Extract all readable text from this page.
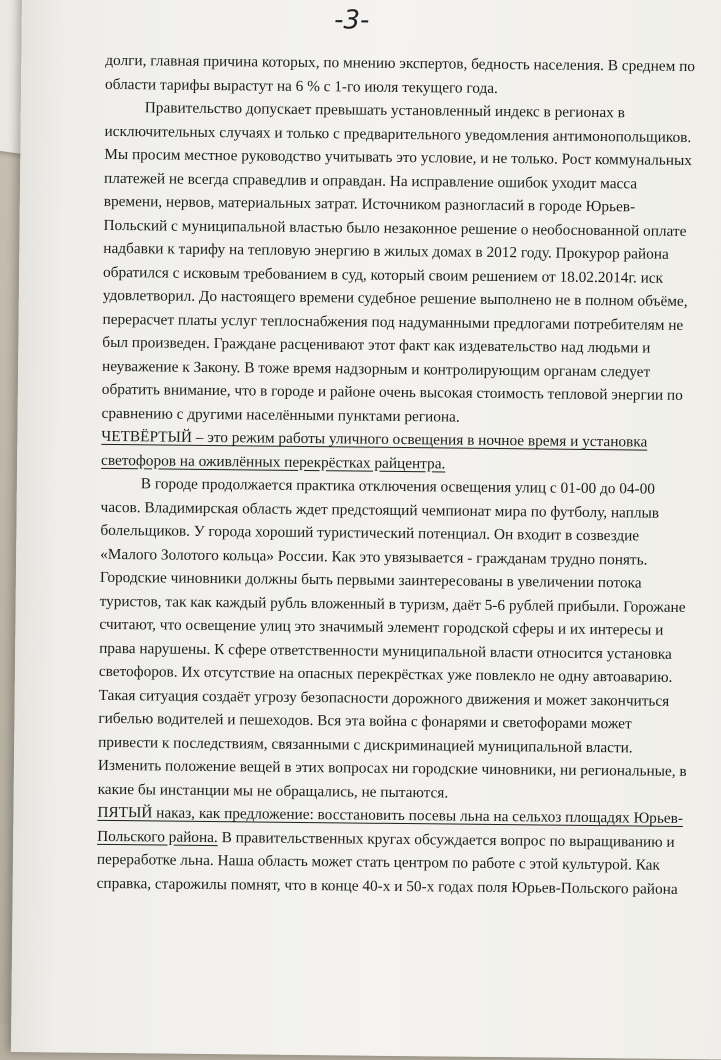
-3-
долги, главная причина которых, по мнению экспертов, бедность населения. В среднем по
области тарифы вырастут на 6 % с 1-го июля текущего года.
Правительство допускает превышать установленный индекс в регионах в
исключительных случаях и только с предварительного уведомления антимонопольщиков.
Мы просим местное руководство учитывать это условие, и не только. Рост коммунальных
платежей не всегда справедлив и оправдан. На исправление ошибок уходит масса
времени, нервов, материальных затрат. Источником разногласий в городе Юрьев-
Польский с муниципальной властью было незаконное решение о необоснованной оплате
надбавки к тарифу на тепловую энергию в жилых домах в 2012 году. Прокурор района
обратился с исковым требованием в суд, который своим решением от 18.02.2014г. иск
удовлетворил. До настоящего времени судебное решение выполнено не в полном объёме,
перерасчет платы услуг теплоснабжения под надуманными предлогами потребителям не
был произведен. Граждане расценивают этот факт как издевательство над людьми и
неуважение к Закону. В тоже время надзорным и контролирующим органам следует
обратить внимание, что в городе и районе очень высокая стоимость тепловой энергии по
сравнению с другими населёнными пунктами региона.
ЧЕТВЁРТЫЙ – это режим работы уличного освещения в ночное время и установка
светофоров на оживлённых перекрёстках райцентра.
В городе продолжается практика отключения освещения улиц с 01-00 до 04-00
часов. Владимирская область ждет предстоящий чемпионат мира по футболу, наплыв
болельщиков. У города хороший туристический потенциал. Он входит в созвездие
«Малого Золотого кольца» России. Как это увязывается - гражданам трудно понять.
Городские чиновники должны быть первыми заинтересованы в увеличении потока
туристов, так как каждый рубль вложенный в туризм, даёт 5-6 рублей прибыли. Горожане
считают, что освещение улиц это значимый элемент городской сферы и их интересы и
права нарушены. К сфере ответственности муниципальной власти относится установка
светофоров. Их отсутствие на опасных перекрёстках уже повлекло не одну автоаварию.
Такая ситуация создаёт угрозу безопасности дорожного движения и может закончиться
гибелью водителей и пешеходов. Вся эта война с фонарями и светофорами может
привести к последствиям, связанными с дискриминацией муниципальной власти.
Изменить положение вещей в этих вопросах ни городские чиновники, ни региональные, в
какие бы инстанции мы не обращались, не пытаются.
ПЯТЫЙ наказ, как предложение: восстановить посевы льна на сельхоз площадях Юрьев-
Польского района. В правительственных кругах обсуждается вопрос по выращиванию и
переработке льна. Наша область может стать центром по работе с этой культурой. Как
справка, старожилы помнят, что в конце 40-х и 50-х годах поля Юрьев-Польского района
